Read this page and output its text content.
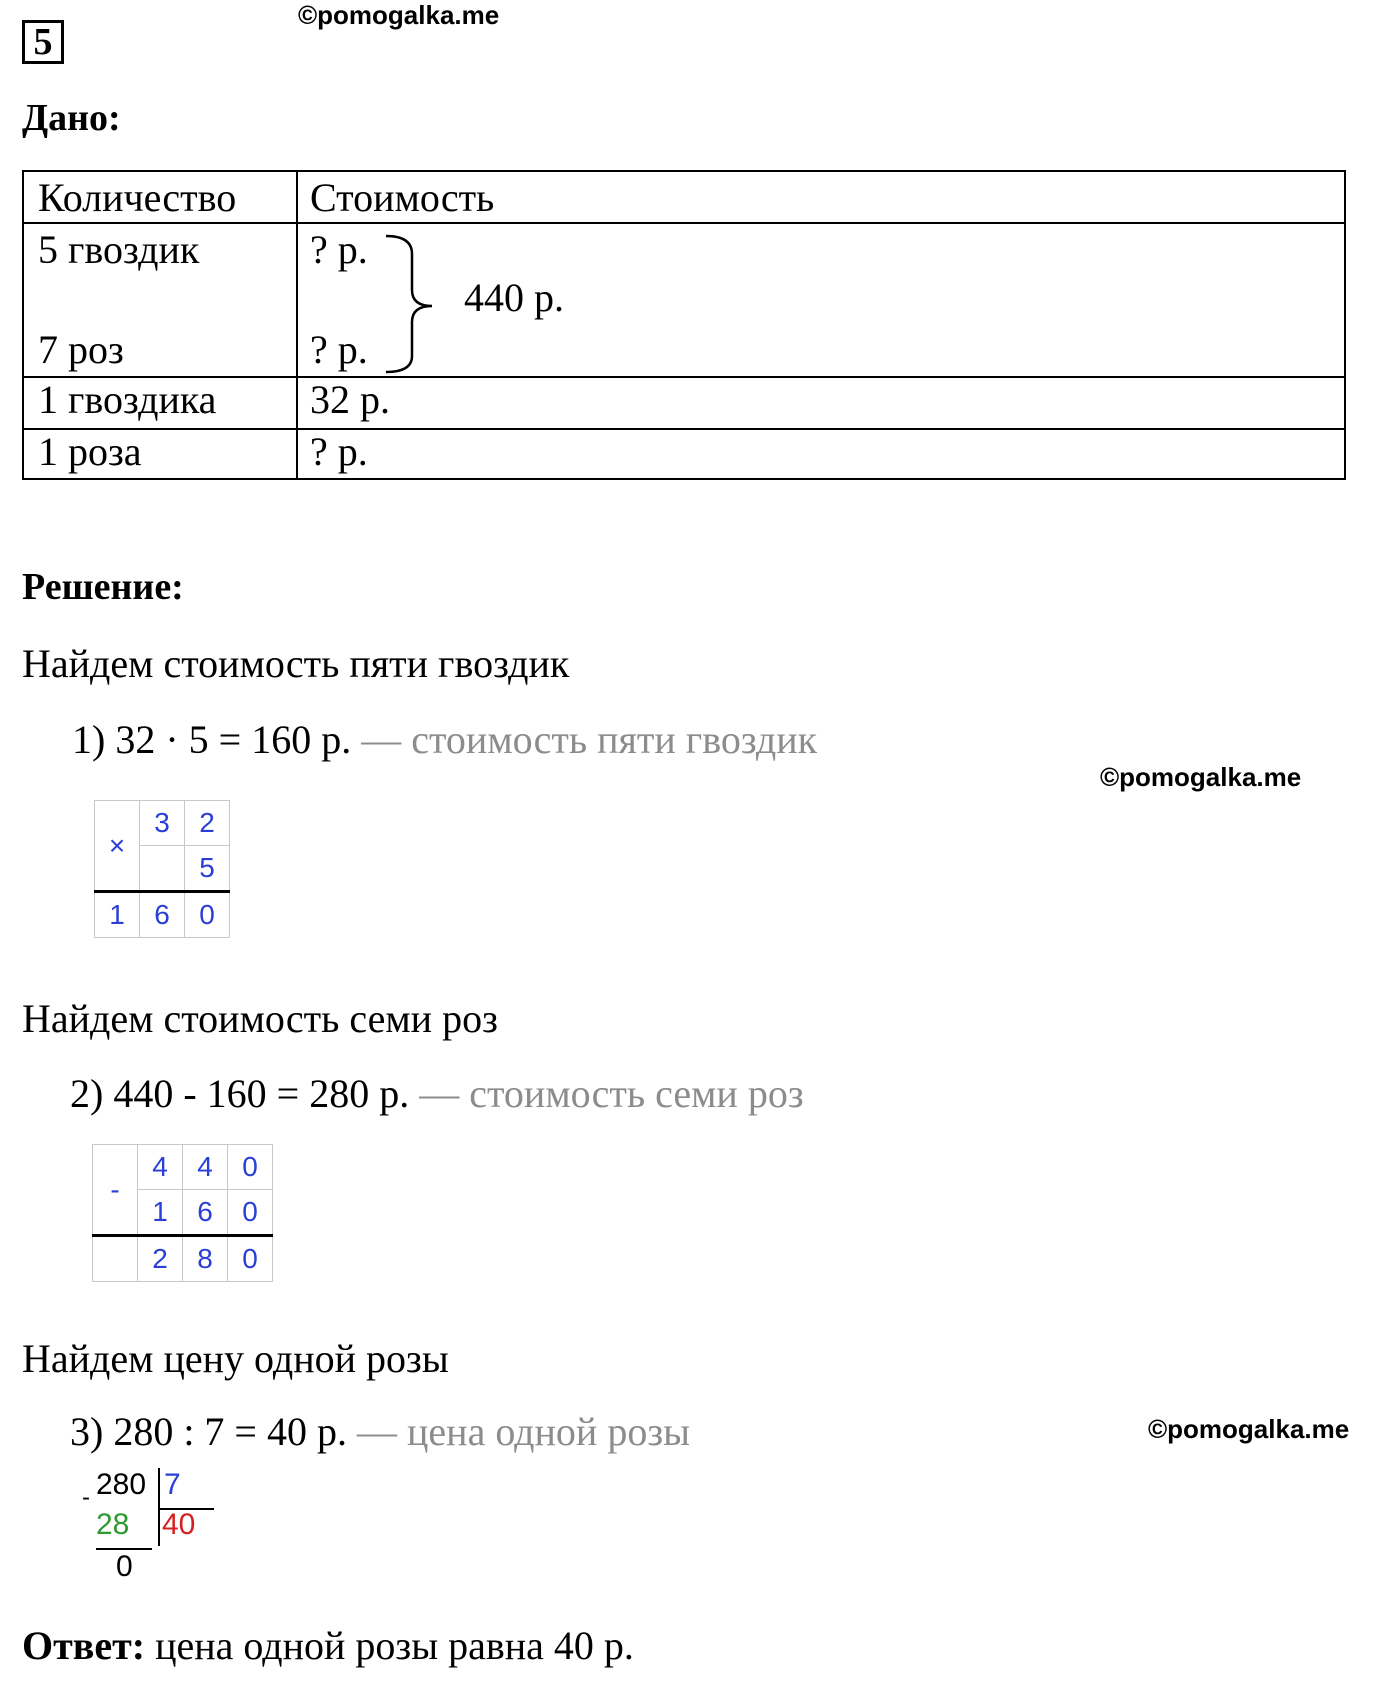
5
©pomogalka.me
Дано:
Количество Стоимость
5 гвоздик	? р.
7 роз	? р.
440 р.
1 гвоздика 32 р.
1 роза	? р.
Решение:
Найдем стоимость пяти гвоздик
1) 32 · 5 = 160 р. — стоимость пяти гвоздик
©pomogalka.me
×	3	2
		5
1	6	0
Найдем стоимость семи роз
2) 440 - 160 = 280 р. — стоимость семи роз
-	4	4	0
	1	6	0
	2	8	0
Найдем цену одной розы
3) 280 : 7 = 40 р. — цена одной розы	©pomogalka.me
280 7
-
28 40
0
Ответ: цена одной розы равна 40 р.
